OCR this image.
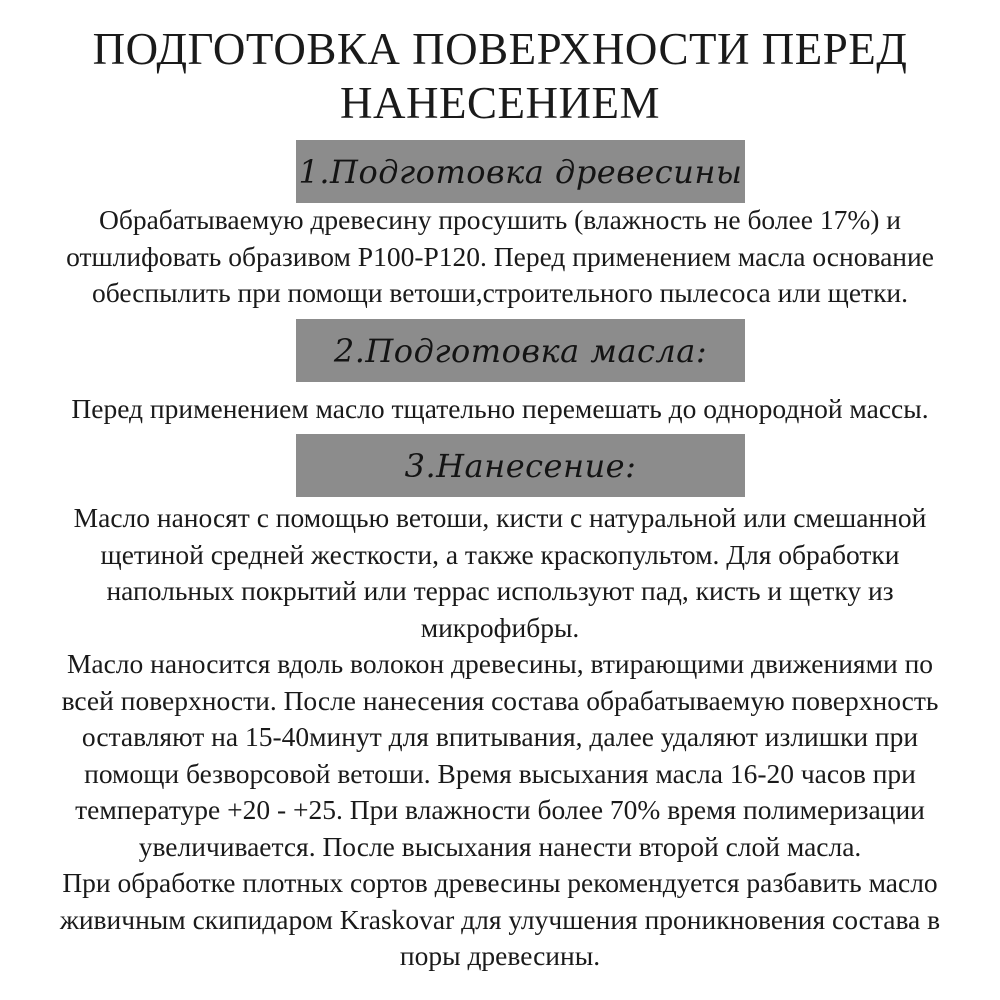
ПОДГОТОВКА ПОВЕРХНОСТИ ПЕРЕД
НАНЕСЕНИЕМ
1.Подготовка древесины

Обрабатываемую древесину просушить (влажность не более 17%) и
отшлифовать образивом Р100-Р120. Перед применением масла основание
обеспылить при помощи ветоши,строительного пылесоса или щетки.

2.Подготовка масла:

Перед применением масло тщательно перемешать до однородной массы.

3.Нанесение:

Масло наносят с помощью ветоши, кисти с натуральной или смешанной
щетиной средней жесткости, а также краскопультом. Для обработки
напольных покрытий или террас используют пад, кисть и щетку из
микрофибры.
Масло наносится вдоль волокон древесины, втирающими движениями по
всей поверхности. После нанесения состава обрабатываемую поверхность
оставляют на 15-40минут для впитывания, далее удаляют излишки при
помощи безворсовой ветоши. Время высыхания масла 16-20 часов при
температуре +20 - +25. При влажности более 70% время полимеризации
увеличивается. После высыхания нанести второй слой масла.
При обработке плотных сортов древесины рекомендуется разбавить масло
живичным скипидаром Kraskovar для улучшения проникновения состава в
поры древесины.
